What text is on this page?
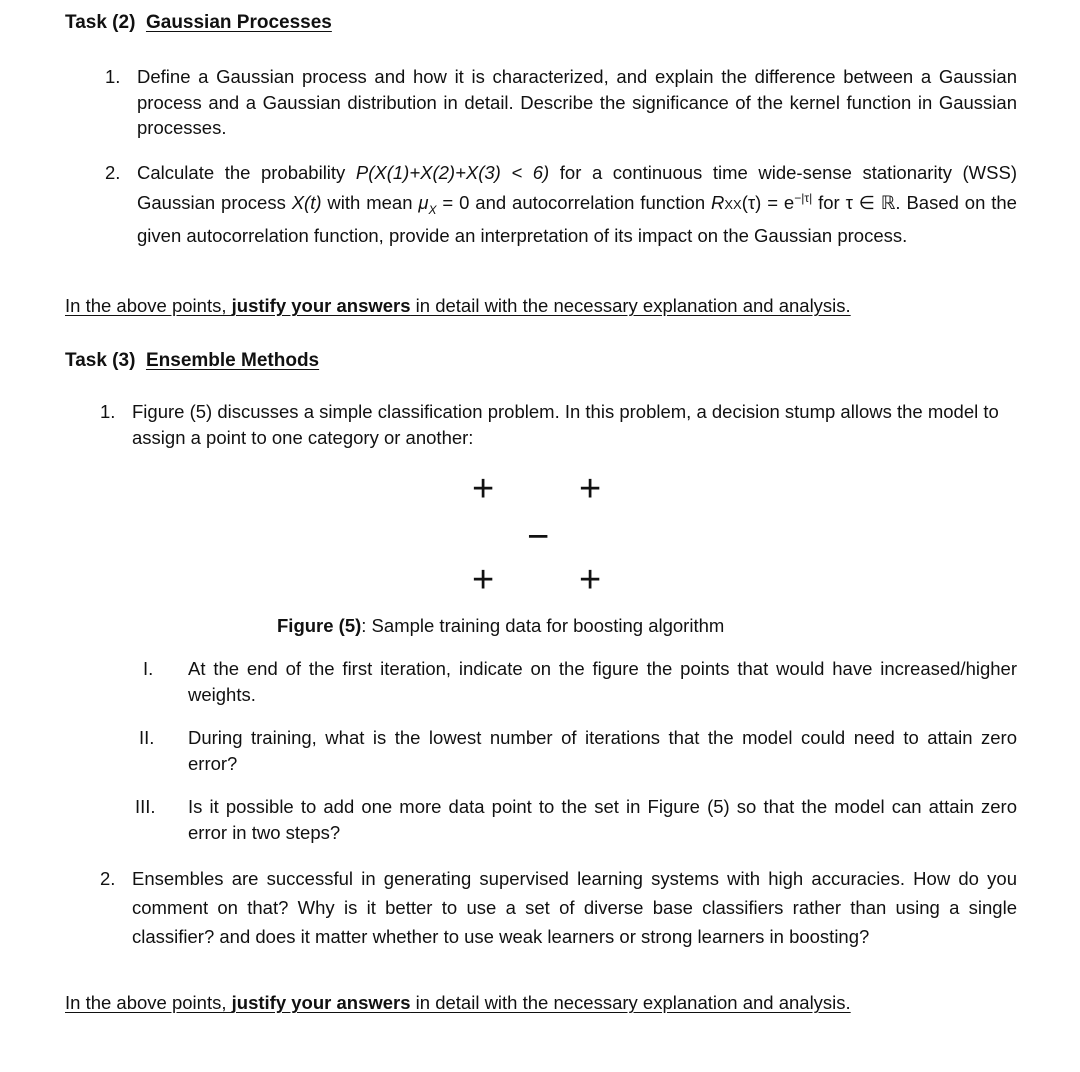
Task (2) Gaussian Processes
1. Define a Gaussian process and how it is characterized, and explain the difference between a Gaussian process and a Gaussian distribution in detail. Describe the significance of the kernel function in Gaussian processes.
2. Calculate the probability P(X(1)+X(2)+X(3) < 6) for a continuous time wide-sense stationarity (WSS) Gaussian process X(t) with mean $\mu_X = 0$ and autocorrelation function $RXX(\tau) = e^{-|\tau|}$ for τ ∈ ℝ. Based on the given autocorrelation function, provide an interpretation of its impact on the Gaussian process.
In the above points, justify your answers in detail with the necessary explanation and analysis.
Task (3) Ensemble Methods
1. Figure (5) discusses a simple classification problem. In this problem, a decision stump allows the model to assign a point to one category or another:
+ +
−
+ +
Figure (5): Sample training data for boosting algorithm
I. At the end of the first iteration, indicate on the figure the points that would have increased/higher weights.
II. During training, what is the lowest number of iterations that the model could need to attain zero error?
III. Is it possible to add one more data point to the set in Figure (5) so that the model can attain zero error in two steps?
2. Ensembles are successful in generating supervised learning systems with high accuracies. How do you comment on that? Why is it better to use a set of diverse base classifiers rather than using a single classifier? and does it matter whether to use weak learners or strong learners in boosting?
In the above points, justify your answers in detail with the necessary explanation and analysis.
